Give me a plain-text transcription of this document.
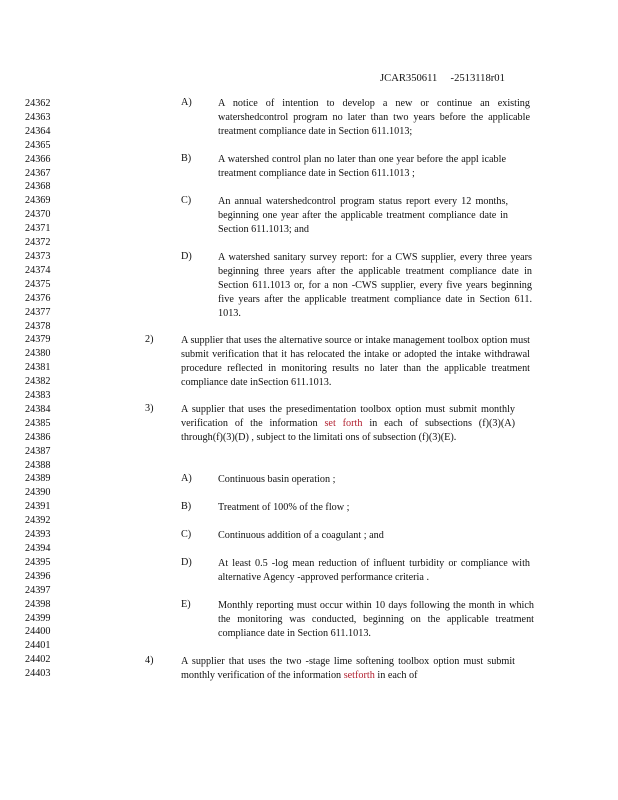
JCAR350611 -2513118r01
24362
24363
24364
24365
24366
24367
24368
24369
24370
24371
24372
24373
24374
24375
24376
24377
24378
24379
24380
24381
24382
24383
24384
24385
24386
24387
24388
24389
24390
24391
24392
24393
24394
24395
24396
24397
24398
24399
24400
24401
24402
24403
A)	A notice of intention to develop a new or continue an existing watershedcontrol program no later than two years before the applicable treatment compliance date in Section 611.1013;
B)	A watershed control plan no later than one year before the appl icable treatment compliance date in Section 611.1013 ;
C)	An annual watershedcontrol program status report every 12 months, beginning one year after the applicable treatment compliance date in Section 611.1013; and
D)	A watershed sanitary survey report: for a CWS supplier, every three years beginning three years after the applicable treatment compliance date in Section 611.1013 or, for a non -CWS supplier, every five years beginning five years after the applicable treatment compliance date in Section 611. 1013.
2)	A supplier that uses the alternative source or intake management toolbox option must submit verification that it has relocated the intake or adopted the intake withdrawal procedure reflected in monitoring results no later than the applicable treatment compliance date inSection 611.1013.
3)	A supplier that uses the presedimentation toolbox option must submit monthly verification of the information set forth in each of subsections (f)(3)(A) through(f)(3)(D) , subject to the limitati ons of subsection (f)(3)(E).
A)	Continuous basin operation ;
B)	Treatment of 100% of the flow ;
C)	Continuous addition of a coagulant ; and
D)	At least 0.5 -log mean reduction of influent turbidity or compliance with alternative Agency -approved performance criteria .
E)	Monthly reporting must occur within 10 days following the month in which the monitoring was conducted, beginning on the applicable treatment compliance date in Section 611.1013.
4)	A supplier that uses the two -stage lime softening toolbox option must submit monthly verification of the information setforth in each of
